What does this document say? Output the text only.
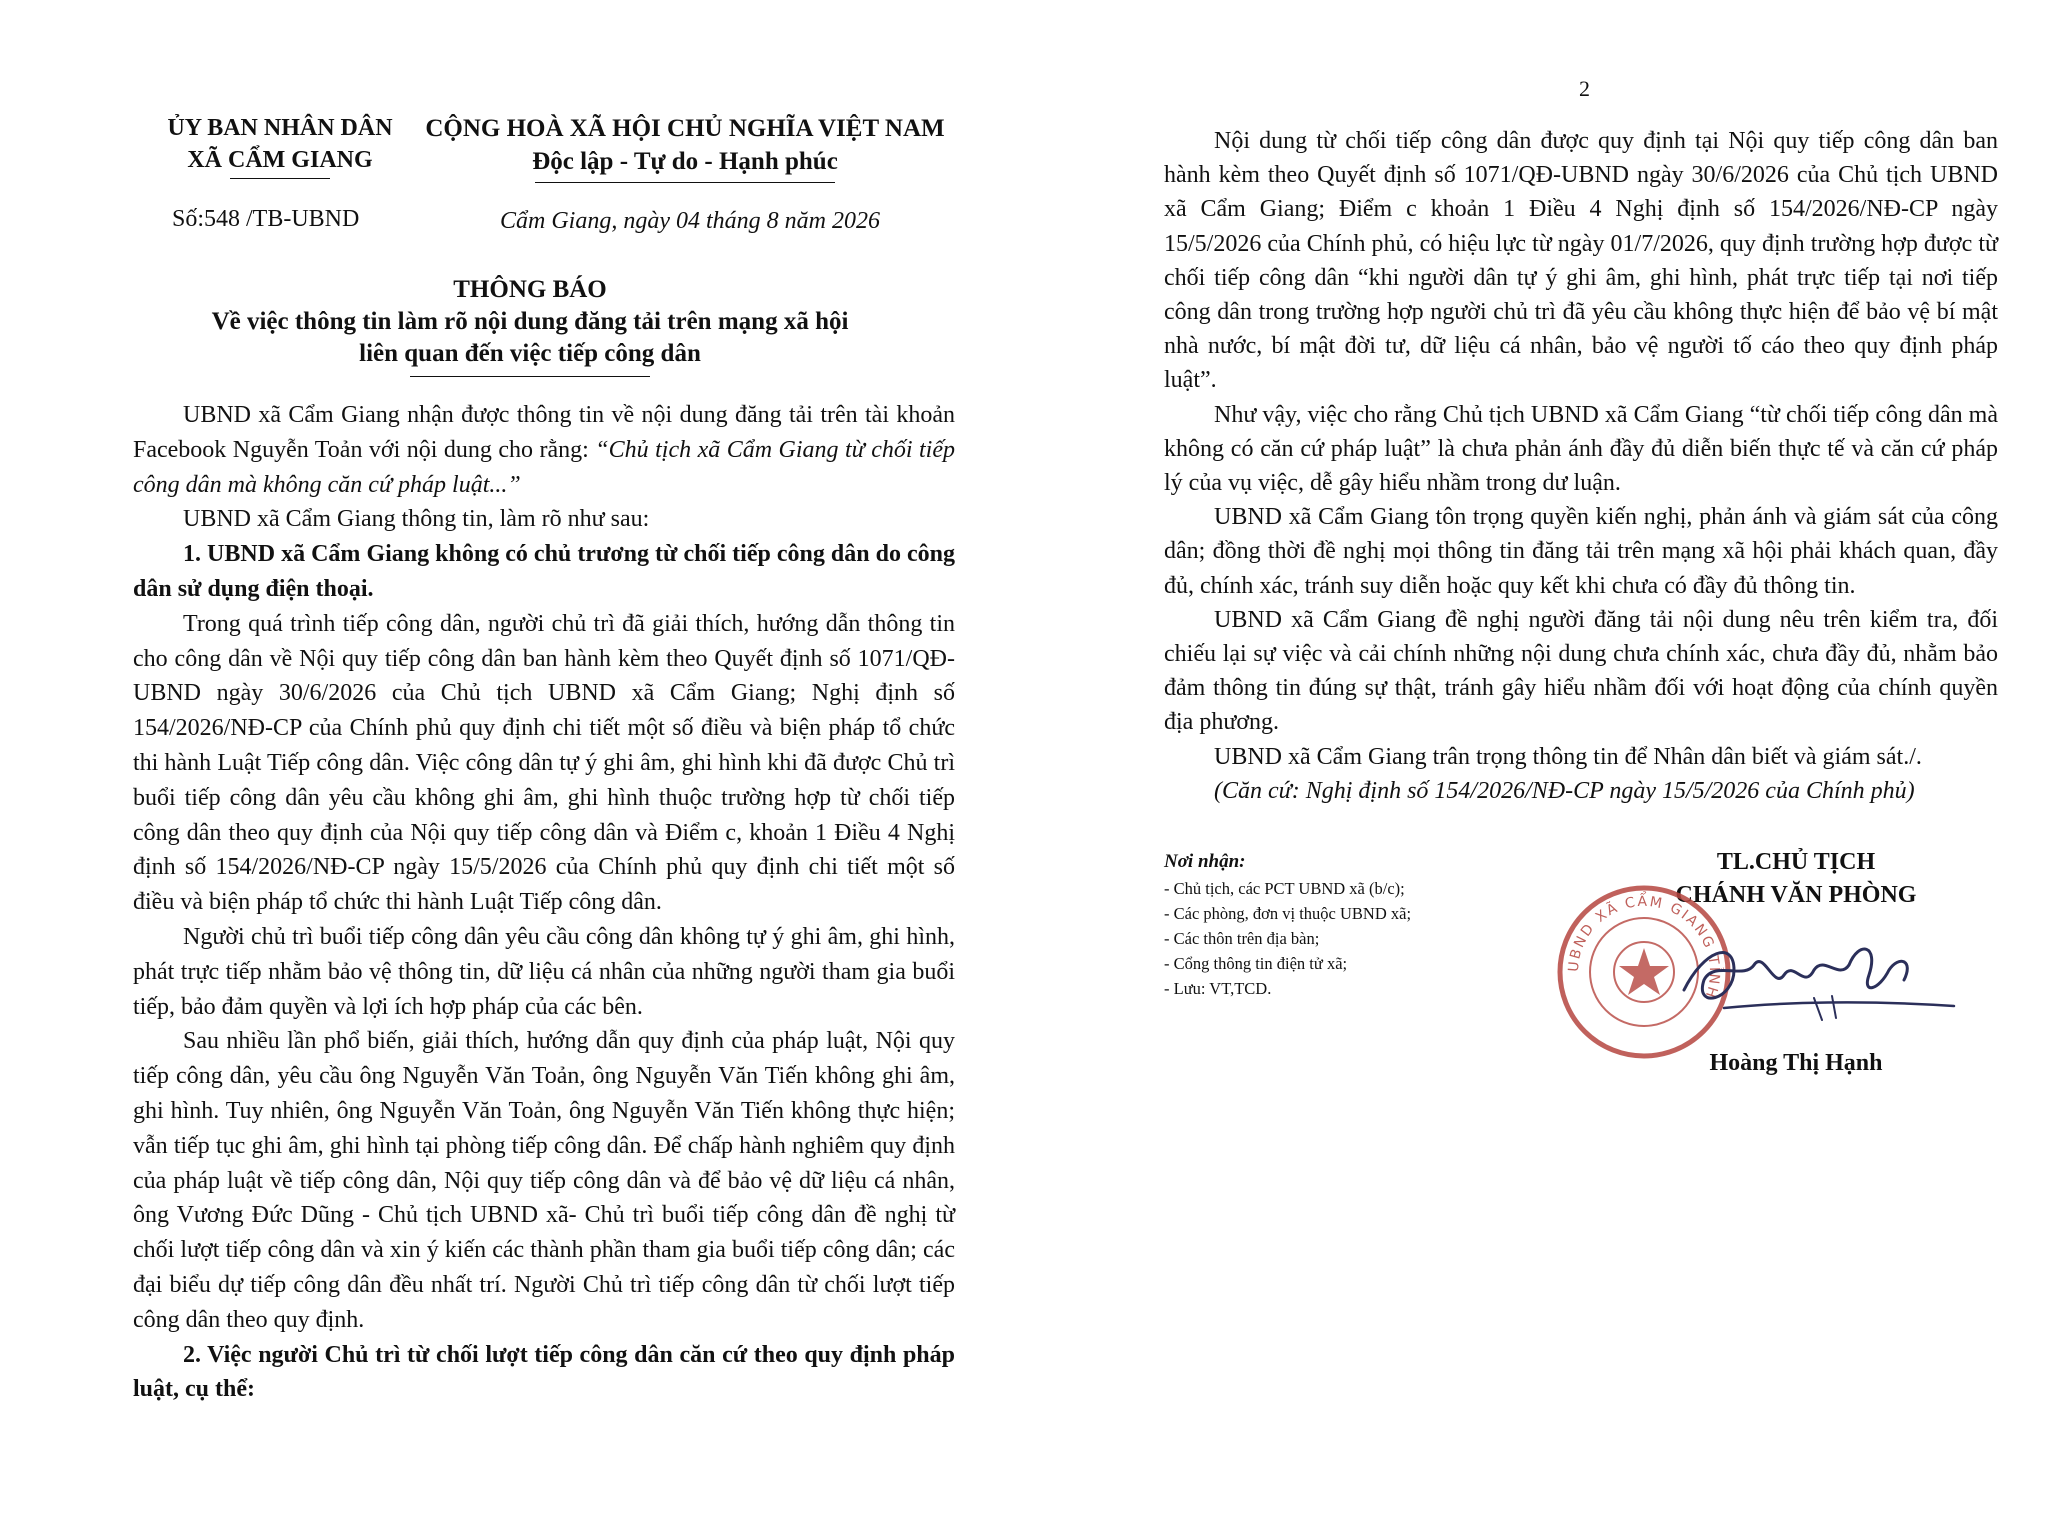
ỦY BAN NHÂN DÂN
XÃ CẨM GIANG
CỘNG HOÀ XÃ HỘI CHỦ NGHĨA VIỆT NAM
Độc lập - Tự do - Hạnh phúc
Số:548 /TB-UBND	Cẩm Giang, ngày 04 tháng 8 năm 2026
THÔNG BÁO
Về việc thông tin làm rõ nội dung đăng tải trên mạng xã hội
liên quan đến việc tiếp công dân

UBND xã Cẩm Giang nhận được thông tin về nội dung đăng tải trên tài khoản Facebook Nguyễn Toản với nội dung cho rằng: “Chủ tịch xã Cẩm Giang từ chối tiếp công dân mà không căn cứ pháp luật...”

UBND xã Cẩm Giang thông tin, làm rõ như sau:

1. UBND xã Cẩm Giang không có chủ trương từ chối tiếp công dân do công dân sử dụng điện thoại.

Trong quá trình tiếp công dân, người chủ trì đã giải thích, hướng dẫn thông tin cho công dân về Nội quy tiếp công dân ban hành kèm theo Quyết định số 1071/QĐ-UBND ngày 30/6/2026 của Chủ tịch UBND xã Cẩm Giang; Nghị định số 154/2026/NĐ-CP của Chính phủ quy định chi tiết một số điều và biện pháp tổ chức thi hành Luật Tiếp công dân. Việc công dân tự ý ghi âm, ghi hình khi đã được Chủ trì buổi tiếp công dân yêu cầu không ghi âm, ghi hình thuộc trường hợp từ chối tiếp công dân theo quy định của Nội quy tiếp công dân và Điểm c, khoản 1 Điều 4 Nghị định số 154/2026/NĐ-CP ngày 15/5/2026 của Chính phủ quy định chi tiết một số điều và biện pháp tổ chức thi hành Luật Tiếp công dân.

Người chủ trì buổi tiếp công dân yêu cầu công dân không tự ý ghi âm, ghi hình, phát trực tiếp nhằm bảo vệ thông tin, dữ liệu cá nhân của những người tham gia buổi tiếp, bảo đảm quyền và lợi ích hợp pháp của các bên.

Sau nhiều lần phổ biến, giải thích, hướng dẫn quy định của pháp luật, Nội quy tiếp công dân, yêu cầu ông Nguyễn Văn Toản, ông Nguyễn Văn Tiến không ghi âm, ghi hình. Tuy nhiên, ông Nguyễn Văn Toản, ông Nguyễn Văn Tiến không thực hiện; vẫn tiếp tục ghi âm, ghi hình tại phòng tiếp công dân. Để chấp hành nghiêm quy định của pháp luật về tiếp công dân, Nội quy tiếp công dân và để bảo vệ dữ liệu cá nhân, ông Vương Đức Dũng - Chủ tịch UBND xã- Chủ trì buổi tiếp công dân đề nghị từ chối lượt tiếp công dân và xin ý kiến các thành phần tham gia buổi tiếp công dân; các đại biểu dự tiếp công dân đều nhất trí. Người Chủ trì tiếp công dân từ chối lượt tiếp công dân theo quy định.

2. Việc người Chủ trì từ chối lượt tiếp công dân căn cứ theo quy định pháp luật, cụ thể:

2

Nội dung từ chối tiếp công dân được quy định tại Nội quy tiếp công dân ban hành kèm theo Quyết định số 1071/QĐ-UBND ngày 30/6/2026 của Chủ tịch UBND xã Cẩm Giang; Điểm c khoản 1 Điều 4 Nghị định số 154/2026/NĐ-CP ngày 15/5/2026 của Chính phủ, có hiệu lực từ ngày 01/7/2026, quy định trường hợp được từ chối tiếp công dân “khi người dân tự ý ghi âm, ghi hình, phát trực tiếp tại nơi tiếp công dân trong trường hợp người chủ trì đã yêu cầu không thực hiện để bảo vệ bí mật nhà nước, bí mật đời tư, dữ liệu cá nhân, bảo vệ người tố cáo theo quy định pháp luật”.

Như vậy, việc cho rằng Chủ tịch UBND xã Cẩm Giang “từ chối tiếp công dân mà không có căn cứ pháp luật” là chưa phản ánh đầy đủ diễn biến thực tế và căn cứ pháp lý của vụ việc, dễ gây hiểu nhầm trong dư luận.

UBND xã Cẩm Giang tôn trọng quyền kiến nghị, phản ánh và giám sát của công dân; đồng thời đề nghị mọi thông tin đăng tải trên mạng xã hội phải khách quan, đầy đủ, chính xác, tránh suy diễn hoặc quy kết khi chưa có đầy đủ thông tin.

UBND xã Cẩm Giang đề nghị người đăng tải nội dung nêu trên kiểm tra, đối chiếu lại sự việc và cải chính những nội dung chưa chính xác, chưa đầy đủ, nhằm bảo đảm thông tin đúng sự thật, tránh gây hiểu nhầm đối với hoạt động của chính quyền địa phương.

UBND xã Cẩm Giang trân trọng thông tin để Nhân dân biết và giám sát./.

(Căn cứ: Nghị định số 154/2026/NĐ-CP ngày 15/5/2026 của Chính phủ)

Nơi nhận:
- Chủ tịch, các PCT UBND xã (b/c);
- Các phòng, đơn vị thuộc UBND xã;
- Các thôn trên địa bàn;
- Cổng thông tin điện tử xã;
- Lưu: VT,TCD.
TL.CHỦ TỊCH
CHÁNH VĂN PHÒNG
UBND XÃ CẨM GIANG TỈNH
Hoàng Thị Hạnh
